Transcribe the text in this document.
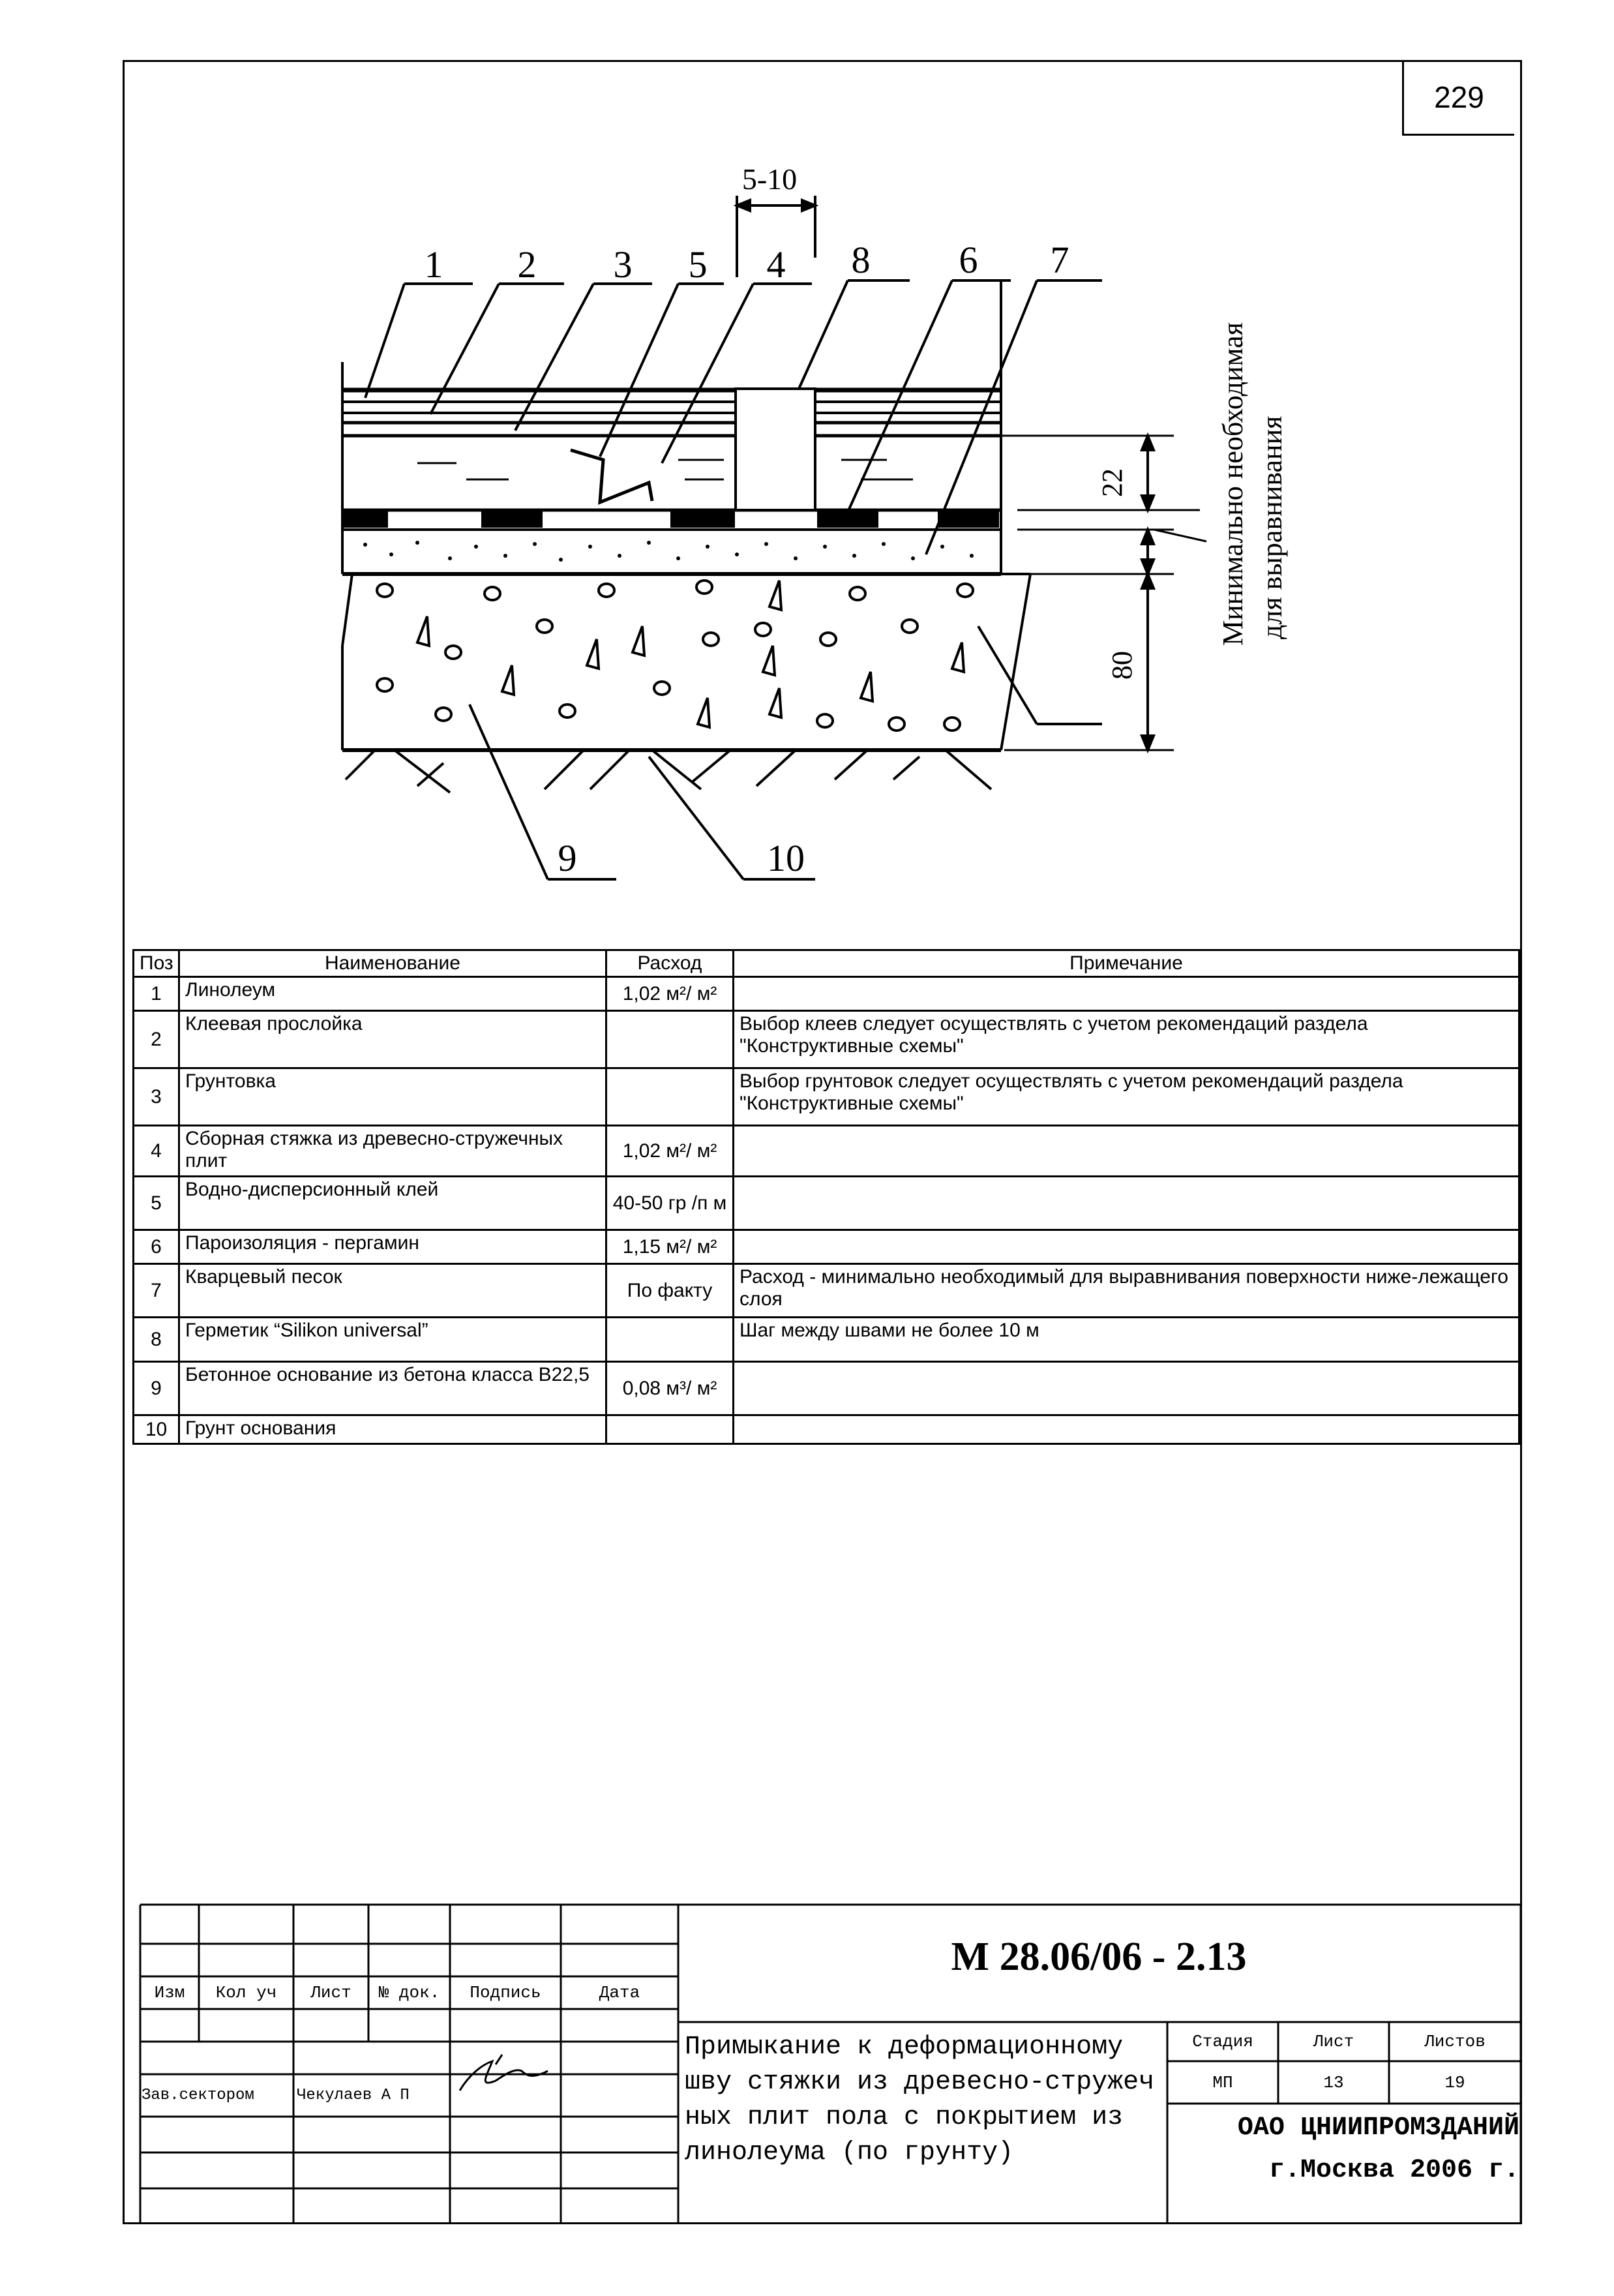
229
5-10
1 2 3 5 4 8 6 7
9	10
22
80
Минимально необходимая для выравнивания
Поз	Наименование	Расход	Примечание
1	Линолеум	1,02 м²/ м²	
2	Клеевая прослойка		Выбор клеев следует осуществлять с учетом рекомендаций раздела "Конструктивные схемы"
3	Грунтовка		Выбор грунтовок следует осуществлять с учетом рекомендаций раздела "Конструктивные схемы"
4	Сборная стяжка из древесно-стружечных плит	1,02 м²/ м²	
5	Водно-дисперсионный клей	40-50 гр /п м	
6	Пароизоляция - пергамин	1,15 м²/ м²	
7	Кварцевый песок	По факту	Расход - минимально необходимый для выравнивания поверхности ниже-лежащего слоя
8	Герметик “Silikon universal”		Шаг между швами не более 10 м
9	Бетонное основание из бетона класса В22,5	0,08 м³/ м²	
10	Грунт основания		
М 28.06/06 - 2.13
Изм	Кол уч	Лист	№ док.	Подпись	Дата
Зав.сектором	Чекулаев А П
Примыкание к деформационному
шву стяжки из древесно-стружеч
ных плит пола с покрытием из
линолеума (по грунту)
Стадия	Лист	Листов
МП	13	19
ОАО ЦНИИПРОМЗДАНИЙ
г.Москва 2006 г.
